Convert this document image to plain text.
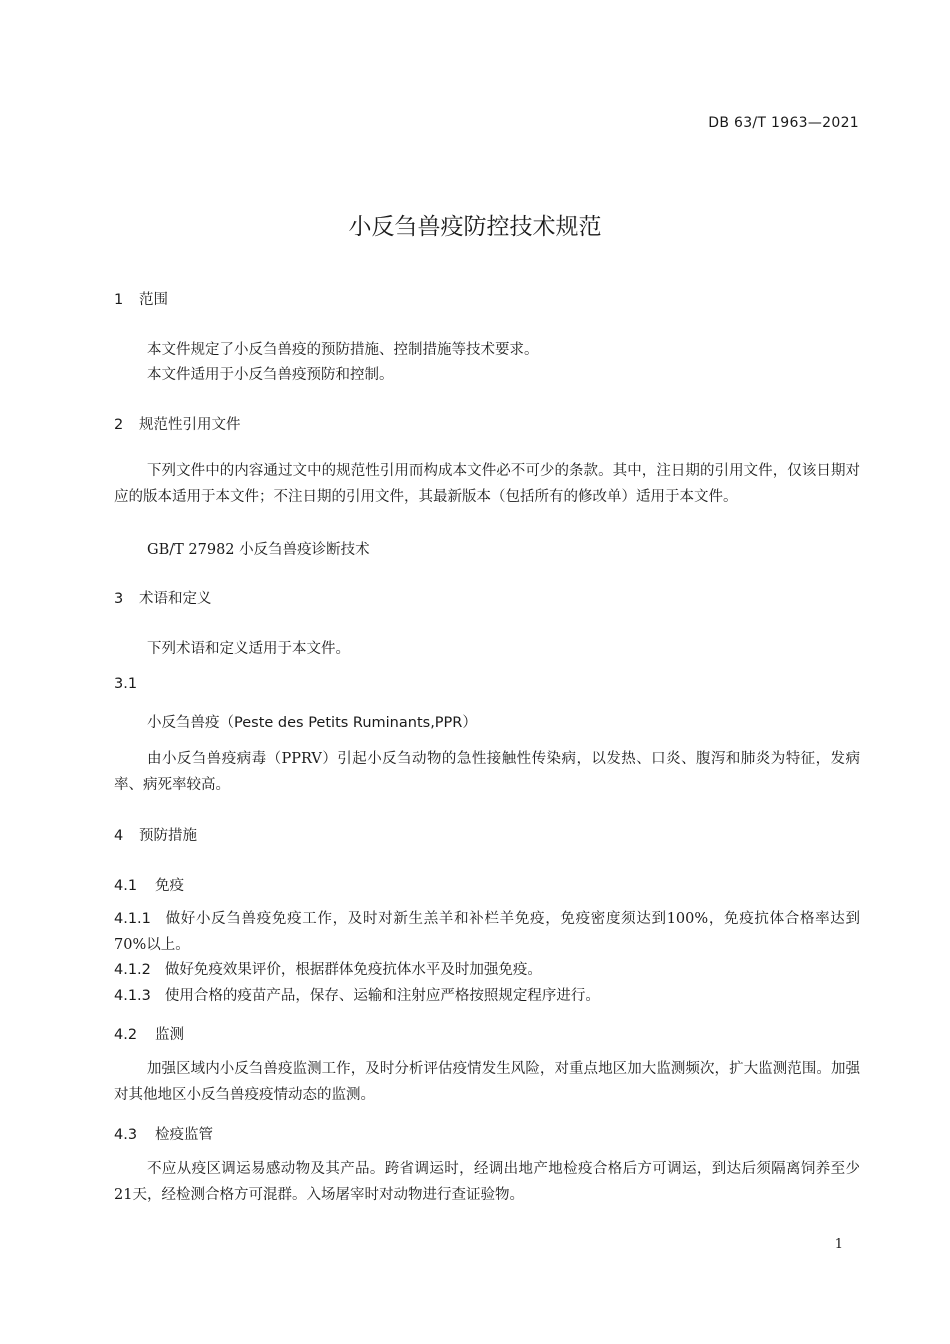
DB 63/T 1963—2021
小反刍兽疫防控技术规范
1 范围
本文件规定了小反刍兽疫的预防措施、控制措施等技术要求。
本文件适用于小反刍兽疫预防和控制。
2 规范性引用文件
下列文件中的内容通过文中的规范性引用而构成本文件必不可少的条款。其中，注日期的引用文件，仅该日期对应的版本适用于本文件；不注日期的引用文件，其最新版本（包括所有的修改单）适用于本文件。
GB/T 27982 小反刍兽疫诊断技术
3 术语和定义
下列术语和定义适用于本文件。
3.1
小反刍兽疫（Peste des Petits Ruminants,PPR）
由小反刍兽疫病毒（PPRV）引起小反刍动物的急性接触性传染病，以发热、口炎、腹泻和肺炎为特征，发病率、病死率较高。
4 预防措施
4.1 免疫
4.1.1 做好小反刍兽疫免疫工作，及时对新生羔羊和补栏羊免疫，免疫密度须达到100%，免疫抗体合格率达到70%以上。
4.1.2 做好免疫效果评价，根据群体免疫抗体水平及时加强免疫。
4.1.3 使用合格的疫苗产品，保存、运输和注射应严格按照规定程序进行。
4.2 监测
加强区域内小反刍兽疫监测工作，及时分析评估疫情发生风险，对重点地区加大监测频次，扩大监测范围。加强对其他地区小反刍兽疫疫情动态的监测。
4.3 检疫监管
不应从疫区调运易感动物及其产品。跨省调运时，经调出地产地检疫合格后方可调运，到达后须隔离饲养至少21天，经检测合格方可混群。入场屠宰时对动物进行查证验物。
1
